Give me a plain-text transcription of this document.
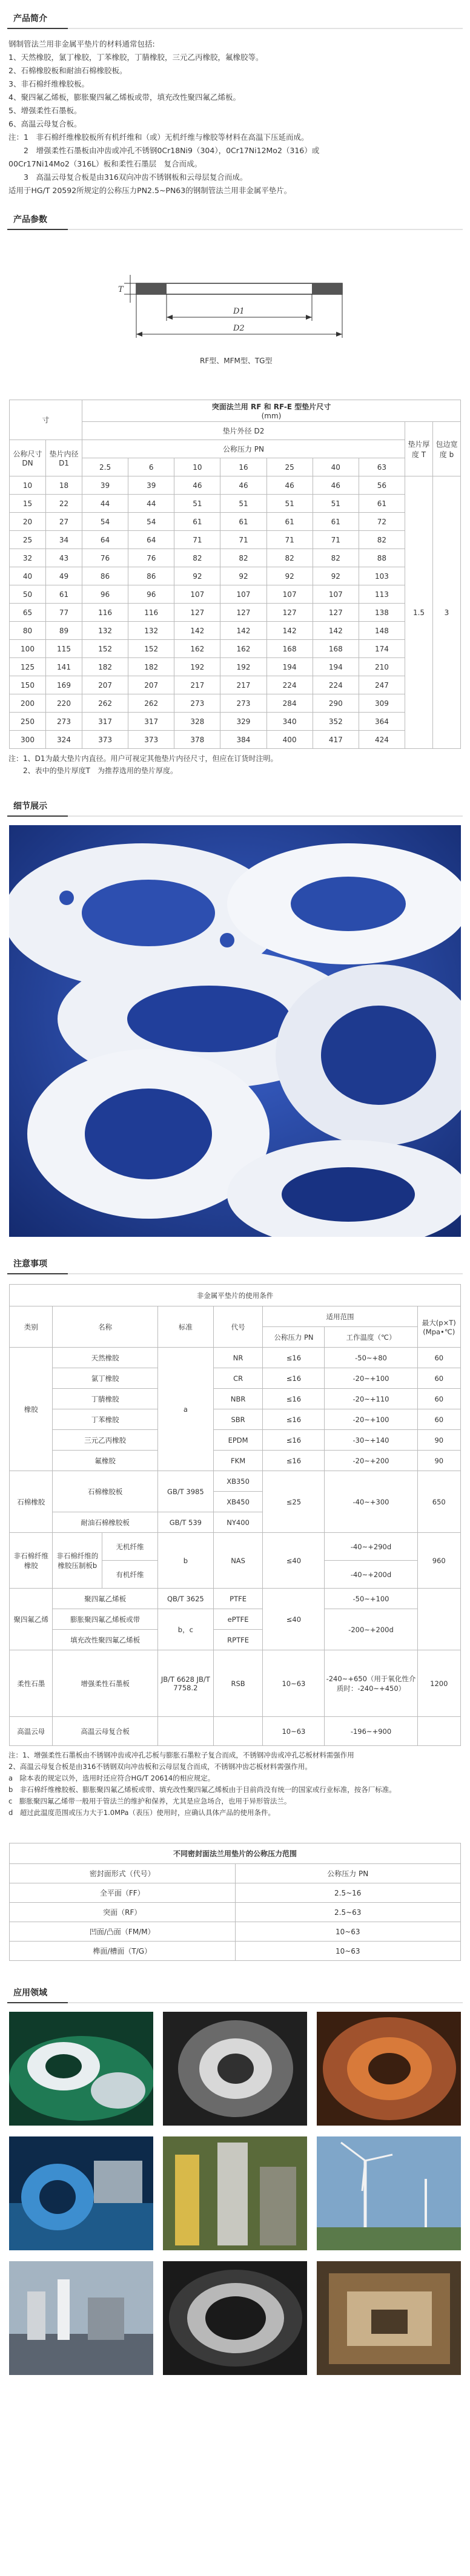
产品简介

钢制管法兰用非金属平垫片的材料通常包括:

1、天然橡胶，氯丁橡胶，丁苯橡胶，丁腈橡胶，三元乙丙橡胶，氟橡胶等。

2、石棉橡胶板和耐油石棉橡胶板。

3、非石棉纤维橡胶板。

4、聚四氟乙烯板，膨胀聚四氟乙烯板或带，填充改性聚四氟乙烯板。

5、增强柔性石墨板。

6、高温云母复合板。

注：1　非石棉纤维橡胶板所有机纤维和（或）无机纤维与橡胶等材料在高温下压延而成。

　　2　增强柔性石墨板由冲齿或冲孔不锈钢0Cr18Ni9（304），0Cr17Ni12Mo2（316）或

00Cr17Ni14Mo2（316L）板和柔性石墨层　复合而成。

　　3　高温云母复合板是由316双向冲齿不锈钢板和云母层复合而成。

适用于HG/T 20592所规定的公称压力PN2.5~PN63的钢制管法兰用非金属平垫片。

产品参数
T
D1
D2
RF型、MFM型、TG型
寸		突面法兰用 RF 和 RF-E 型垫片尺寸
(mm)								

		垫片外径 D2							垫片厚度 T	包边宽度 b
公称尺寸 DN	垫片内径 D1	公称压力 PN								
		2.5	6	10	16	25	40	63		
10	18	39	39	46	46	46	46	56	1.5	3
15	22	44	44	51	51	51	51	61		
20	27	54	54	61	61	61	61	72		
25	34	64	64	71	71	71	71	82		
32	43	76	76	82	82	82	82	88		
40	49	86	86	92	92	92	92	103		
50	61	96	96	107	107	107	107	113		
65	77	116	116	127	127	127	127	138		
80	89	132	132	142	142	142	142	148		
100	115	152	152	162	162	168	168	174		
125	141	182	182	192	192	194	194	210		
150	169	207	207	217	217	224	224	247		
200	220	262	262	273	273	284	290	309		
250	273	317	317	328	329	340	352	364		
300	324	373	373	378	384	400	417	424		

注：1、D1为最大垫片内直径。用户可视定其他垫片内径尺寸，但应在订货时注明。

　　2、表中的垫片厚度T　为推荐选用的垫片厚度。

细节展示
注意事项
非金属平垫片的使用条件							
类别	名称		标准	代号	适用范围		最大(p×T) (Mpa•℃)
					公称压力 PN	工作温度（℃）	
橡胶	天然橡胶		a	NR	≤16	-50~+80	60
	氯丁橡胶			CR	≤16	-20~+100	60
	丁腈橡胶			NBR	≤16	-20~+110	60
	丁苯橡胶			SBR	≤16	-20~+100	60
	三元乙丙橡胶			EPDM	≤16	-30~+140	90
	氟橡胶			FKM	≤16	-20~+200	90
石棉橡胶	石棉橡胶板		GB/T 3985	XB350	≤25	-40~+300	650
				XB450			
	耐油石棉橡胶板		GB/T 539	NY400			
非石棉纤维橡胶	非石棉纤维的橡胶压制板b	无机纤维	b	NAS	≤40	-40~+290d	960
		有机纤维				-40~+200d	
聚四氟乙烯	聚四氟乙烯板		QB/T 3625	PTFE	≤40	-50~+100	
	膨胀聚四氟乙烯板或带		b，c	ePTFE		-200~+200d	
	填充改性聚四氟乙烯板			RPTFE			
柔性石墨	增强柔性石墨板		JB/T 6628 JB/T 7758.2	RSB	10~63	-240~+650（用于氧化性介质时：-240~+450）	1200
高温云母	高温云母复合板				10~63	-196~+900	

注：1、增强柔性石墨板由不锈钢冲齿或冲孔芯板与膨胀石墨粒子复合而成，不锈钢冲齿或冲孔芯板材料需强作用

2、高温云母复合板是由316不锈钢双向冲齿板和云母层复合而成，不锈钢冲齿芯板材料需强作用。

a　除本表的规定以外，选用时还应符合HG/T 20614的相应规定。

b　非石棉纤维橡胶板、膨胀聚四氟乙烯板或带、填充改性聚四氟乙烯板由于目前尚没有统一的国家或行业标准，按各厂标准。

c　膨胀聚四氟乙烯带一般用于管法兰的维护和保养，尤其是应急场合，也用于异形管法兰。

d　超过此温度范围或压力大于1.0MPa（表压）使用时，应确认具体产品的使用条件。

不同密封面法兰用垫片的公称压力范围	
密封面形式（代号）	公称压力 PN
全平面（FF）	2.5~16
突面（RF）	2.5~63
凹面/凸面（FM/M）	10~63
榫面/槽面（T/G）	10~63
应用领域
